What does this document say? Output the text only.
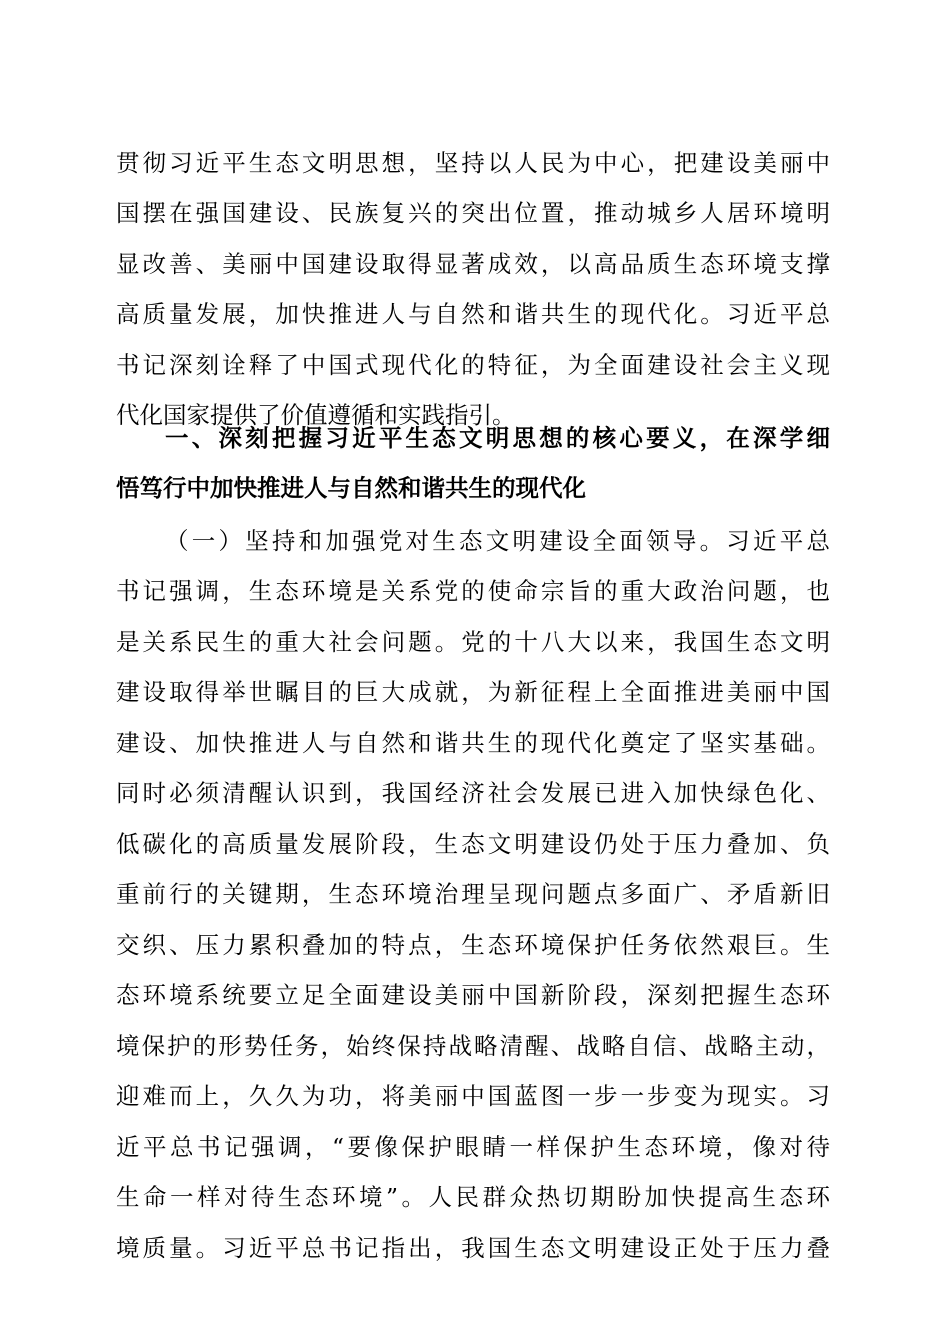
贯彻习近平生态文明思想，坚持以人民为中心，把建设美丽中
国摆在强国建设、民族复兴的突出位置，推动城乡人居环境明
显改善、美丽中国建设取得显著成效，以高品质生态环境支撑
高质量发展，加快推进人与自然和谐共生的现代化。习近平总
书记深刻诠释了中国式现代化的特征，为全面建设社会主义现
代化国家提供了价值遵循和实践指引。
一、深刻把握习近平生态文明思想的核心要义，在深学细
悟笃行中加快推进人与自然和谐共生的现代化
（一）坚持和加强党对生态文明建设全面领导。习近平总
书记强调，生态环境是关系党的使命宗旨的重大政治问题，也
是关系民生的重大社会问题。党的十八大以来，我国生态文明
建设取得举世瞩目的巨大成就，为新征程上全面推进美丽中国
建设、加快推进人与自然和谐共生的现代化奠定了坚实基础。
同时必须清醒认识到，我国经济社会发展已进入加快绿色化、
低碳化的高质量发展阶段，生态文明建设仍处于压力叠加、负
重前行的关键期，生态环境治理呈现问题点多面广、矛盾新旧
交织、压力累积叠加的特点，生态环境保护任务依然艰巨。生
态环境系统要立足全面建设美丽中国新阶段，深刻把握生态环
境保护的形势任务，始终保持战略清醒、战略自信、战略主动，
迎难而上，久久为功，将美丽中国蓝图一步一步变为现实。习
近平总书记强调，“要像保护眼睛一样保护生态环境，像对待
生命一样对待生态环境”。人民群众热切期盼加快提高生态环
境质量。习近平总书记指出，我国生态文明建设正处于压力叠
